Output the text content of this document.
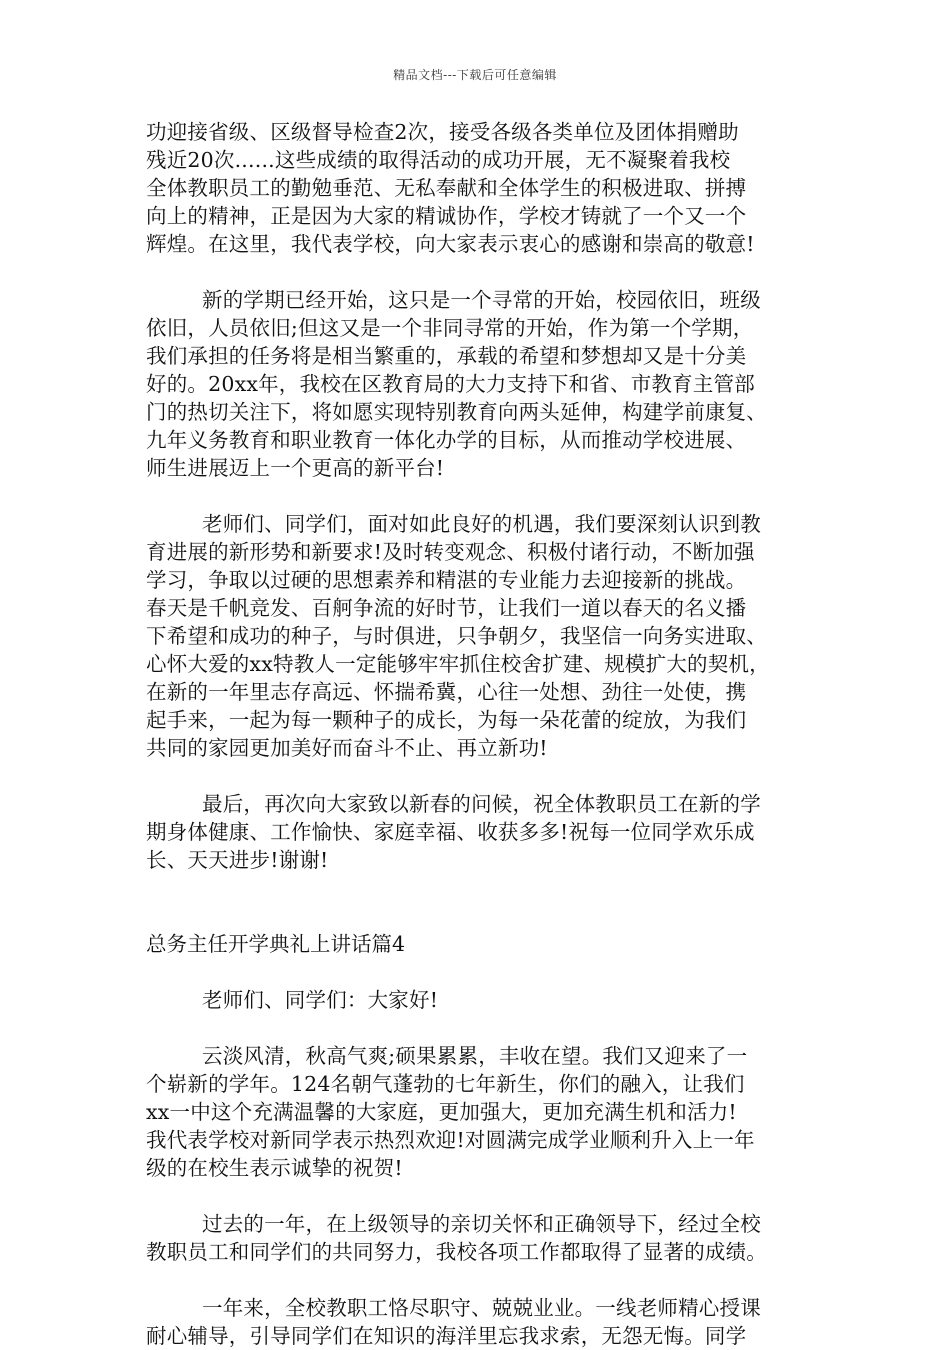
精品文档---下载后可任意编辑
功迎接省级、区级督导检查2次，接受各级各类单位及团体捐赠助
残近20次......这些成绩的取得活动的成功开展，无不凝聚着我校
全体教职员工的勤勉垂范、无私奉献和全体学生的积极进取、拼搏
向上的精神，正是因为大家的精诚协作，学校才铸就了一个又一个
辉煌。在这里，我代表学校，向大家表示衷心的感谢和崇高的敬意!
新的学期已经开始，这只是一个寻常的开始，校园依旧，班级
依旧，人员依旧;但这又是一个非同寻常的开始，作为第一个学期，
我们承担的任务将是相当繁重的，承载的希望和梦想却又是十分美
好的。20xx年，我校在区教育局的大力支持下和省、市教育主管部
门的热切关注下，将如愿实现特别教育向两头延伸，构建学前康复、
九年义务教育和职业教育一体化办学的目标，从而推动学校进展、
师生进展迈上一个更高的新平台!
老师们、同学们，面对如此良好的机遇，我们要深刻认识到教
育进展的新形势和新要求!及时转变观念、积极付诸行动，不断加强
学习，争取以过硬的思想素养和精湛的专业能力去迎接新的挑战。
春天是千帆竞发、百舸争流的好时节，让我们一道以春天的名义播
下希望和成功的种子，与时俱进，只争朝夕，我坚信一向务实进取、
心怀大爱的xx特教人一定能够牢牢抓住校舍扩建、规模扩大的契机，
在新的一年里志存高远、怀揣希冀，心往一处想、劲往一处使，携
起手来，一起为每一颗种子的成长，为每一朵花蕾的绽放，为我们
共同的家园更加美好而奋斗不止、再立新功!
最后，再次向大家致以新春的问候，祝全体教职员工在新的学
期身体健康、工作愉快、家庭幸福、收获多多!祝每一位同学欢乐成
长、天天进步!谢谢!
总务主任开学典礼上讲话篇4
老师们、同学们：大家好!
云淡风清，秋高气爽;硕果累累，丰收在望。我们又迎来了一
个崭新的学年。124名朝气蓬勃的七年新生，你们的融入，让我们
xx一中这个充满温馨的大家庭，更加强大，更加充满生机和活力!
我代表学校对新同学表示热烈欢迎!对圆满完成学业顺利升入上一年
级的在校生表示诚挚的祝贺!
过去的一年，在上级领导的亲切关怀和正确领导下，经过全校
教职员工和同学们的共同努力，我校各项工作都取得了显著的成绩。
一年来，全校教职工恪尽职守、兢兢业业。一线老师精心授课
耐心辅导，引导同学们在知识的海洋里忘我求索，无怨无悔。同学
